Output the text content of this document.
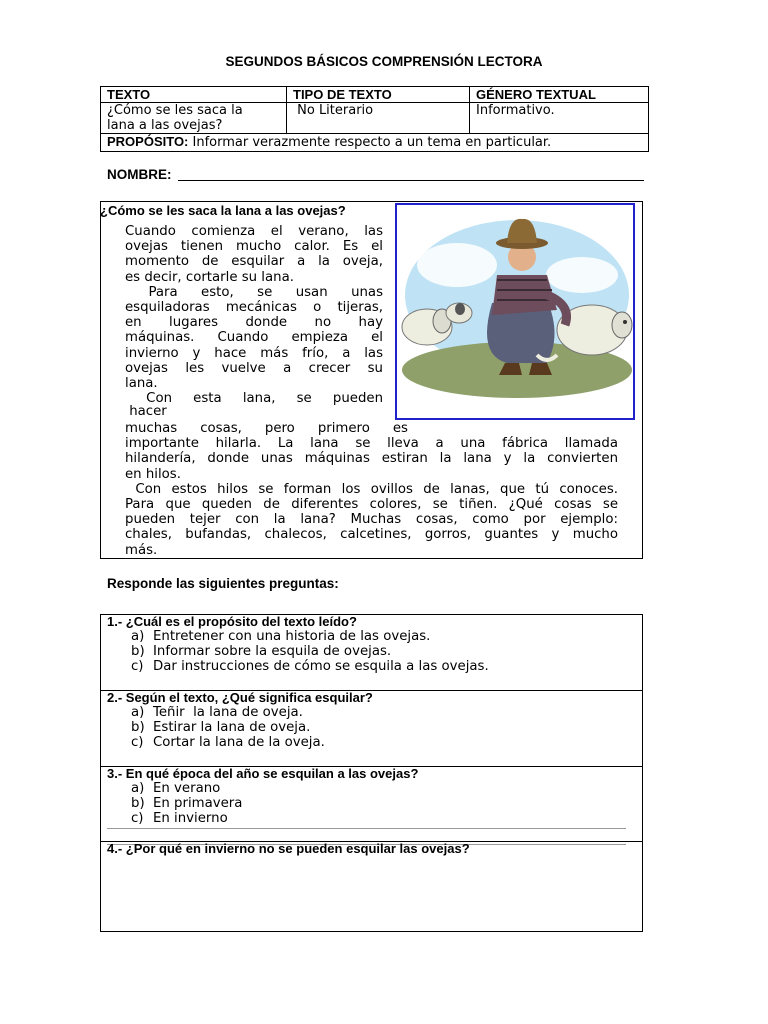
SEGUNDOS BÁSICOS COMPRENSIÓN LECTORA
TEXTO	TIPO DE TEXTO	GÉNERO TEXTUAL

¿Cómo se les saca la
lana a las ovejas?	No Literario	Informativo.
PROPÓSITO: Informar verazmente respecto a un tema en particular.		
NOMBRE:
¿Cómo se les saca la lana a las ovejas?
Cuando comienza el verano, las
ovejas tienen mucho calor. Es el
momento de esquilar a la oveja,
es decir, cortarle su lana.
Para esto, se usan unas
esquiladoras mecánicas o tijeras,
en lugares donde no hay
máquinas. Cuando empieza el
invierno y hace más frío, a las
ovejas les vuelve a crecer su
lana.
Con esta lana, se pueden
hacer
muchas cosas, pero primero es
importante hilarla. La lana se lleva a una fábrica llamada
hilandería, donde unas máquinas estiran la lana y la convierten
en hilos.
Con estos hilos se forman los ovillos de lanas, que tú conoces.
Para que queden de diferentes colores, se tiñen. ¿Qué cosas se
pueden tejer con la lana? Muchas cosas, como por ejemplo:
chales, bufandas, chalecos, calcetines, gorros, guantes y mucho
más.
Responde las siguientes preguntas:
1.- ¿Cuál es el propósito del texto leído?
a) Entretener con una historia de las ovejas.
b) Informar sobre la esquila de ovejas.
c) Dar instrucciones de cómo se esquila a las ovejas.
2.- Según el texto, ¿Qué significa esquilar?
a) Teñir  la lana de oveja.
b) Estirar la lana de oveja.
c) Cortar la lana de la oveja.
3.- En qué época del año se esquilan a las ovejas?
a) En verano
b) En primavera
c) En invierno
4.- ¿Por qué en invierno no se pueden esquilar las ovejas?
